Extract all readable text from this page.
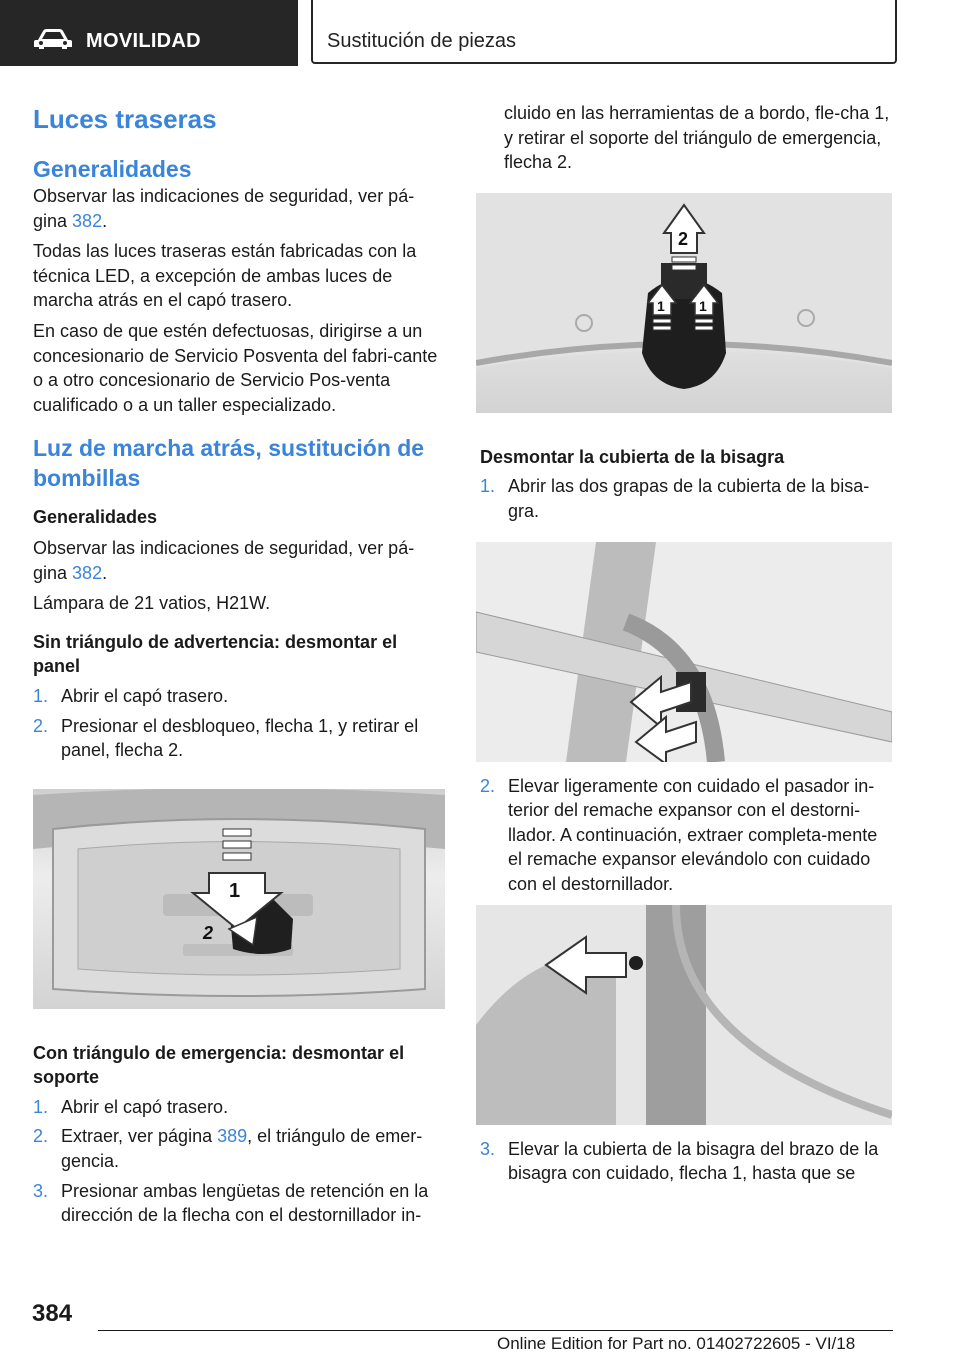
MOVILIDAD	Sustitución de piezas
Luces traseras
Generalidades

Observar las indicaciones de seguridad, ver pá-
gina 382.

Todas las luces traseras están fabricadas con la técnica LED, a excepción de ambas luces de marcha atrás en el capó trasero.

En caso de que estén defectuosas, dirigirse a un concesionario de Servicio Posventa del fabri-cante o a otro concesionario de Servicio Pos-venta cualificado o a un taller especializado.

Luz de marcha atrás, sustitución de bombillas

Generalidades

Observar las indicaciones de seguridad, ver pá-
gina 382.

Lámpara de 21 vatios, H21W.

Sin triángulo de advertencia: desmontar el panel

1. Abrir el capó trasero.
2. Presionar el desbloqueo, flecha 1, y retirar el panel, flecha 2.
1
2

Con triángulo de emergencia: desmontar el soporte

1. Abrir el capó trasero.
2. Extraer, ver página 389, el triángulo de emer-gencia.
3. Presionar ambas lengüetas de retención en la dirección de la flecha con el destornillador in-

cluido en las herramientas de a bordo, fle-cha 1, y retirar el soporte del triángulo de emergencia, flecha 2.

2
1 1

Desmontar la cubierta de la bisagra

1. Abrir las dos grapas de la cubierta de la bisa-gra.
2. Elevar ligeramente con cuidado el pasador in-terior del remache expansor con el destorni-llador. A continuación, extraer completa-mente el remache expansor elevándolo con cuidado con el destornillador.
3. Elevar la cubierta de la bisagra del brazo de la bisagra con cuidado, flecha 1, hasta que se
384
Online Edition for Part no. 01402722605 - VI/18
